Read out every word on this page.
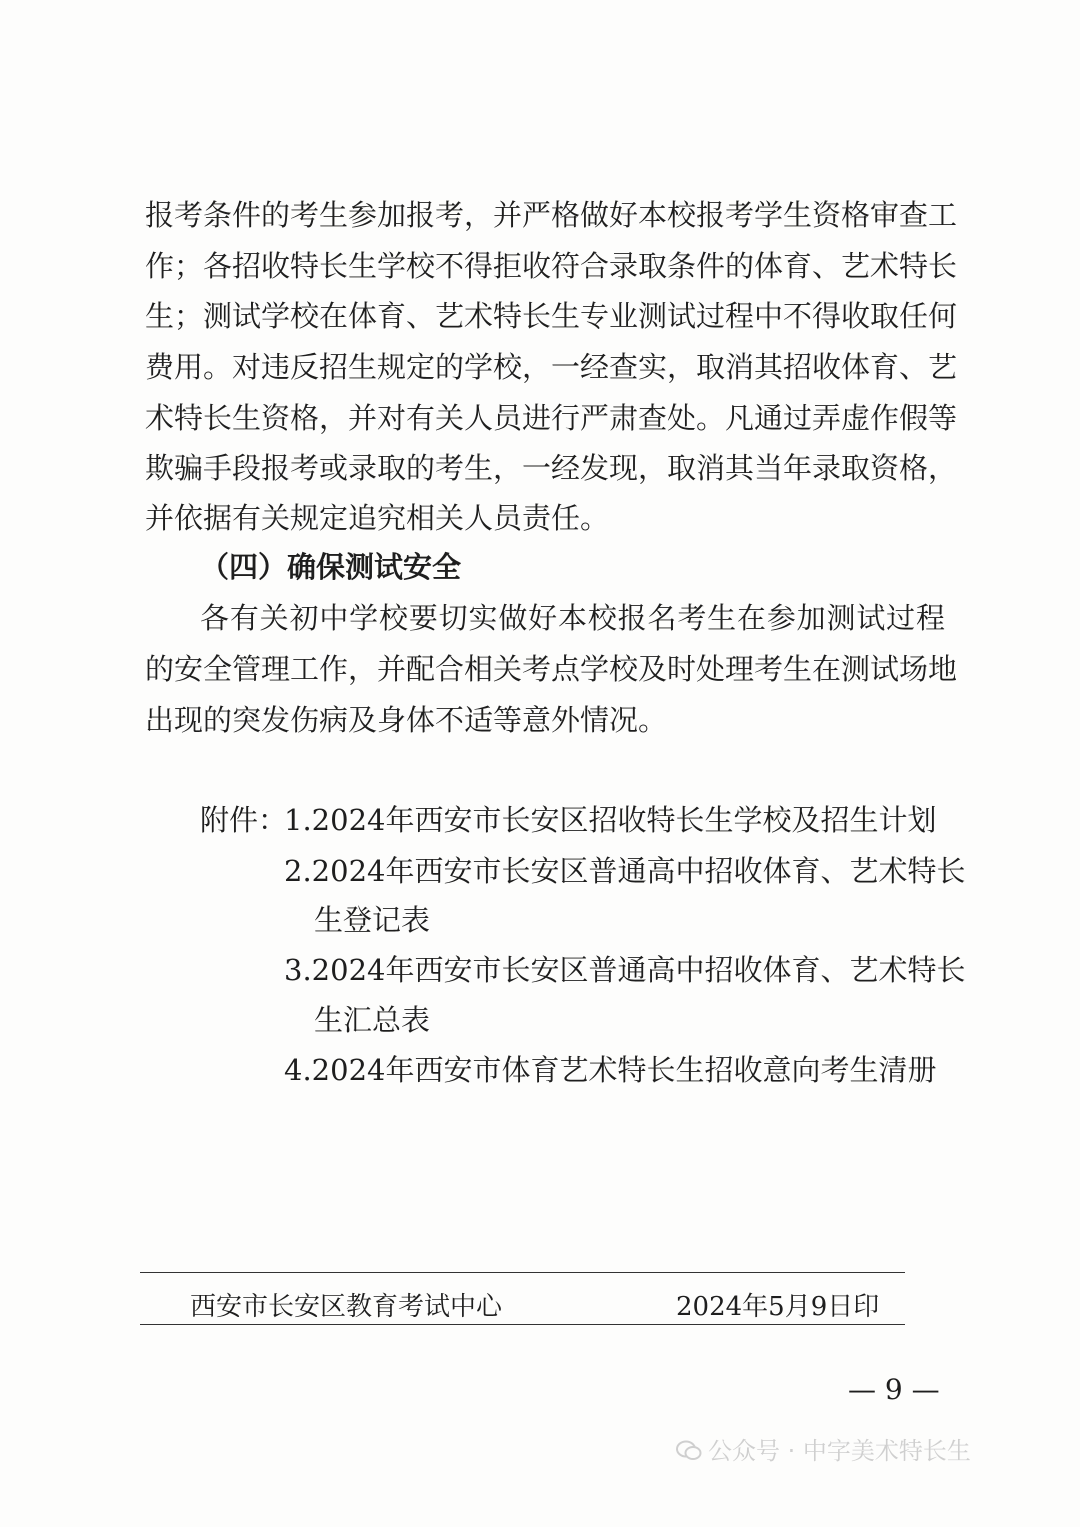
报考条件的考生参加报考，并严格做好本校报考学生资格审查工
作；各招收特长生学校不得拒收符合录取条件的体育、艺术特长
生；测试学校在体育、艺术特长生专业测试过程中不得收取任何
费用。对违反招生规定的学校，一经查实，取消其招收体育、艺
术特长生资格，并对有关人员进行严肃查处。凡通过弄虚作假等
欺骗手段报考或录取的考生，一经发现，取消其当年录取资格，
并依据有关规定追究相关人员责任。
（四）确保测试安全
各有关初中学校要切实做好本校报名考生在参加测试过程
的安全管理工作，并配合相关考点学校及时处理考生在测试场地
出现的突发伤病及身体不适等意外情况。
附件：
1.2024年西安市长安区招收特长生学校及招生计划
2.2024年西安市长安区普通高中招收体育、艺术特长
生登记表
3.2024年西安市长安区普通高中招收体育、艺术特长
生汇总表
4.2024年西安市体育艺术特长生招收意向考生清册
西安市长安区教育考试中心	2024年5月9日印
— 9 —
公众号 · 中字美术特长生
